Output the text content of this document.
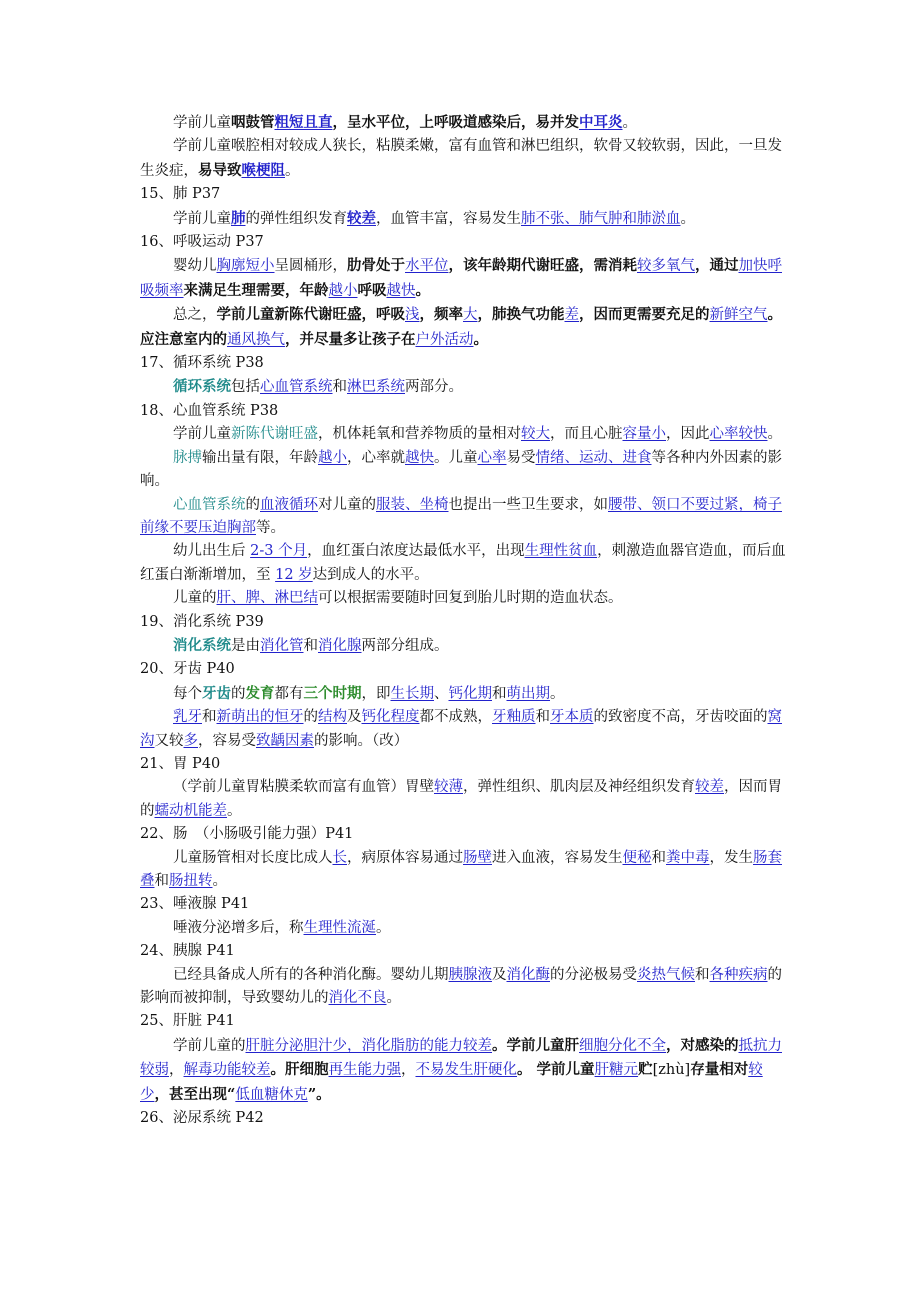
学前儿童咽鼓管粗短且直，呈水平位，上呼吸道感染后，易并发中耳炎。

学前儿童喉腔相对较成人狭长，粘膜柔嫩，富有血管和淋巴组织，软骨又较软弱，因此，一旦发生炎症，易导致喉梗阻。

15、肺 P37

学前儿童肺的弹性组织发育较差，血管丰富，容易发生肺不张、肺气肿和肺淤血。

16、呼吸运动 P37

婴幼儿胸廓短小呈圆桶形，肋骨处于水平位，该年龄期代谢旺盛，需消耗较多氧气，通过加快呼吸频率来满足生理需要，年龄越小呼吸越快。

总之，学前儿童新陈代谢旺盛，呼吸浅，频率大，肺换气功能差，因而更需要充足的新鲜空气。应注意室内的通风换气，并尽量多让孩子在户外活动。

17、循环系统 P38

循环系统包括心血管系统和淋巴系统两部分。

18、心血管系统 P38

学前儿童新陈代谢旺盛，机体耗氧和营养物质的量相对较大，而且心脏容量小，因此心率较快。

脉搏输出量有限，年龄越小，心率就越快。儿童心率易受情绪、运动、进食等各种内外因素的影响。

心血管系统的血液循环对儿童的服装、坐椅也提出一些卫生要求，如腰带、领口不要过紧，椅子前缘不要压迫胸部等。

幼儿出生后 2-3 个月，血红蛋白浓度达最低水平，出现生理性贫血，刺激造血器官造血，而后血红蛋白渐渐增加，至 12 岁达到成人的水平。

儿童的肝、脾、淋巴结可以根据需要随时回复到胎儿时期的造血状态。

19、消化系统 P39

消化系统是由消化管和消化腺两部分组成。

20、牙齿 P40

每个牙齿的发育都有三个时期，即生长期、钙化期和萌出期。

乳牙和新萌出的恒牙的结构及钙化程度都不成熟，牙釉质和牙本质的致密度不高，牙齿咬面的窝沟又较多，容易受致龋因素的影响。（改）

21、胃 P40

（学前儿童胃粘膜柔软而富有血管）胃壁较薄，弹性组织、肌肉层及神经组织发育较差，因而胃的蠕动机能差。

22、肠　（小肠吸引能力强）P41

儿童肠管相对长度比成人长，病原体容易通过肠壁进入血液，容易发生便秘和粪中毒，发生肠套叠和肠扭转。

23、唾液腺 P41

唾液分泌增多后，称生理性流涎。

24、胰腺 P41

已经具备成人所有的各种消化酶。婴幼儿期胰腺液及消化酶的分泌极易受炎热气候和各种疾病的影响而被抑制，导致婴幼儿的消化不良。

25、肝脏 P41

学前儿童的肝脏分泌胆汁少，消化脂肪的能力较差。学前儿童肝细胞分化不全，对感染的抵抗力较弱，解毒功能较差。肝细胞再生能力强，不易发生肝硬化。 学前儿童肝糖元贮[zhù]存量相对较少，甚至出现“低血糖休克”。

26、泌尿系统 P42
